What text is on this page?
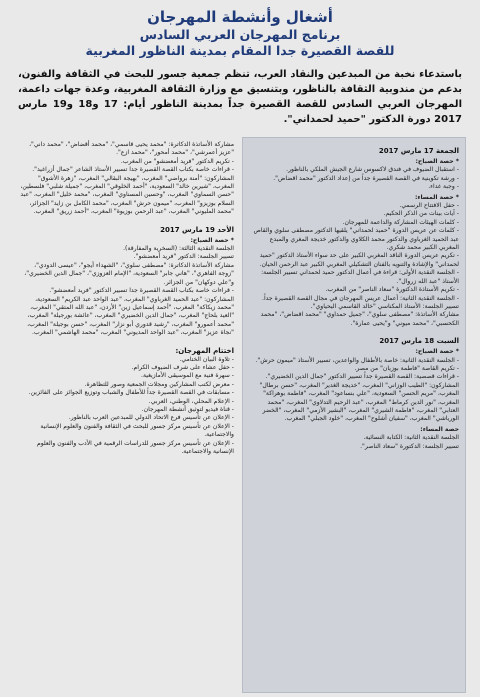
أشغال وأنشطة المهرجان
برنامج المهرجان العربي السادس
للقصة القصيرة جدا المقام بمدينة الناظور المغربية
باستدعاء نخبة من المبدعين والنقاد العرب، تنظم جمعية جسور للبحث في الثقافة والفنون، بدعم من مندوبية الثقافة بالناظور، وبتنسيق مع وزارة الثقافة المغربية، وعدة جهات داعمة، المهرجان العربي السادس للقصة القصيرة جداً بمدينة الناظور أيام: 17 و18 و19 مارس 2017 دورة الدكتور "حميد لحمداني".
الجمعة 17 مارس 2017
* حصة الصباح:
- استقبال الضيوف في فندق لاكسوس شارع الجيش الملكي بالناظور.
- ورشة تكوينية في القصة القصيرة جداً من إعداد الدكتور "محمد اقضاض".
- وجبة غداء.
* حصة المساء:
- حفل الافتتاح الرسمي.
- آيات بينات من الذكر الحكيم.
- كلمات الهيئات المشاركة والداعمة للمهرجان.
- كلمات عن عريس الدورة "حميد لحمداني" يلقيها الدكتور مصطفى سلوي والقاص عبد الحميد الغرباوي والدكتور محمد الكلاوي والدكتور خديجة المغري والمبدع المغربي الكبير محمد شكري.
- تكريم عريس الدورة الناقد المغربي الكبير على حد سواء الأستاذ الدكتور "حميد لحمداني" والإشادة والتنويه بالفنان التشكيلي المغربي الكبير عبد الرحمن الحيان.
- الجلسة النقدية الأولى: قراءة في أعمال الدكتور حميد لحمداني تسيير الجلسة: الأستاذ "عبد الله زروال".
- تكريم الأستاذة الدكتورة "سعاد الناصر" من المغرب.
- الجلسة النقدية الثانية: أعمال عريس المهرجان في مجال القصة القصيرة جداً.
تسيير الجلسة: الأستاذ المكناسي "خالد القاسمي اليحياوي".
مشاركة الأساتذة: "مصطفى سلوي"، "جميل حمداوي" "محمد اقضاض"، "محمد الكحسبي"، "محمد ميوني" و"يحيى عمارة".
السبت 18 مارس 2017
* حصة الصباح:
- الجلسة النقدية الثانية: خاصة بالأطفال والواعدين، تسيير الأستاذ "ميمون حرش".
- تكريم القاصة "فاطمة بوزيان" من مصر.
- قراءات قصصية: القصة القصيرة جداً تسيير الدكتور "جمال الدين الخضيري".
المشاركون: "الطيب الوزاني" المغرب، "خديجة الغدير" المغرب، "حسن برطال" المغرب، "مريم الحسن" السعودية، "علي بنساعود" المغرب، "فاطمة بوهراكة" المغرب، "نور الدين كرماط" المغرب، "عبد الرحيم التدلاوي" المغرب، "محمد العتابي" المغرب، "فاطمة الشيري" المغرب، "البشير الأزمي" المغرب، "الخضر الورياشي" المغرب، "سفيان أشلوح" المغرب، "خلود الجبلي" المغرب.
حصة المساء:
الجلسة النقدية الثانية: الكتابة النسائية.
تسيير الجلسة: الدكتورة "سعاد الناصر".
مشاركة الأساتذة الدكاترة: "محمد يحيى قاسمي"، "محمد أقضاض"، "محمد داني"، "عزيز أعمرشي"، "محمد أمحور"، "محمد ازع".
- تكريم الدكتور "فريد أمعضشو" من المغرب.
- قراءات خاصة بكتاب القصة القصيرة جدا تسيير الأستاذ الشاعر "جمال أزراغيد".
المشاركون: "أمنة برواضي" المغرب، "بهيجة البقالي" المغرب، "زهرة الأشوق" المغرب، "شيرين خالد" السعودية، "أحمد الخلوقي" المغرب، "جميلة شلبي" فلسطين، "حسن السماوي" المغرب، "وحسين المسناوي" المغرب، "محمد خليل" المغرب، "عبد السلام بوزيزو" المغرب، "ميمون حرش" المغرب، "محمد الكامل بن زايد" الجزائر، "محمد المليوني" المغرب، "عبد الرحمن بوزيوة" المغرب، "أحمد زريق" المغرب.
الأحد 19 مارس 2017
* حصة الصباح:
الجلسة النقدية الثالثة: (السخرية والمفارقة).
تسيير الجلسة: الدكتور "فريد أمعضشو".
مشاركة الأساتذة الدكاترة: "مصطفى سلوي"، "الشهداء أيجو"، "عيسى الدودي"، "زوجة الفاهري"، "هاني جابر" السعودية، "الإمام العزوزي"، "جمال الدين الخضيري"، و"علي دوكهان" من الجزائر.
- قراءات خاصة بكتاب القصة القصيرة جدا تسيير الدكتور "فريد أمعضشو".
المشاركون: "عبد الحميد الغرباوي" المغرب، "عبد الواحد عبد الكريم" السعودية، "محمد زيكاكة" المغرب، "أحمد إسماعيل زين" الأردن، "عبد الله المتقي" المغرب، "العيد بلحاج" المغرب، "جمال الدين الخضيري" المغرب، "عائشة بورجيلة" المغرب، "محمد أعمورو" المغرب، "رشيد قدوري أبو نزار" المغرب، "حسن بوجيلة" المغرب، "نجاة عزيز" المغرب، "عبد الواحد المديوني" المغرب، "محمد الهاشمي" المغرب.
اختتام المهرجان:
- تلاوة البيان الختامي.
- حفل عشاء على شرف الضيوف الكرام.
- سهرة فنية مع الموسيقى الأمازيغية.
- معرض لكتب المشاركين ومجلات الجمعية وصور للتظاهرة.
- مسابقات في القصة القصيرة جداً للأطفال والشباب وتوزيع الجوائز على الفائزين.
- الإعلام المحلي، الوطني، العربي.
- قناة فيديو لتوثيق أنشطة المهرجان.
- الإعلان عن تأسيس فرع الاتحاد الدولي للمبدعين العرب بالناظور.
- الإعلان عن تأسيس مركز جسور للبحث في الثقافة والفنون والعلوم الإنسانية والاجتماعية.
- الإعلان عن تأسيس مركز جسور للدراسات الرقمية في الأدب والفنون والعلوم الإنسانية والاجتماعية.
